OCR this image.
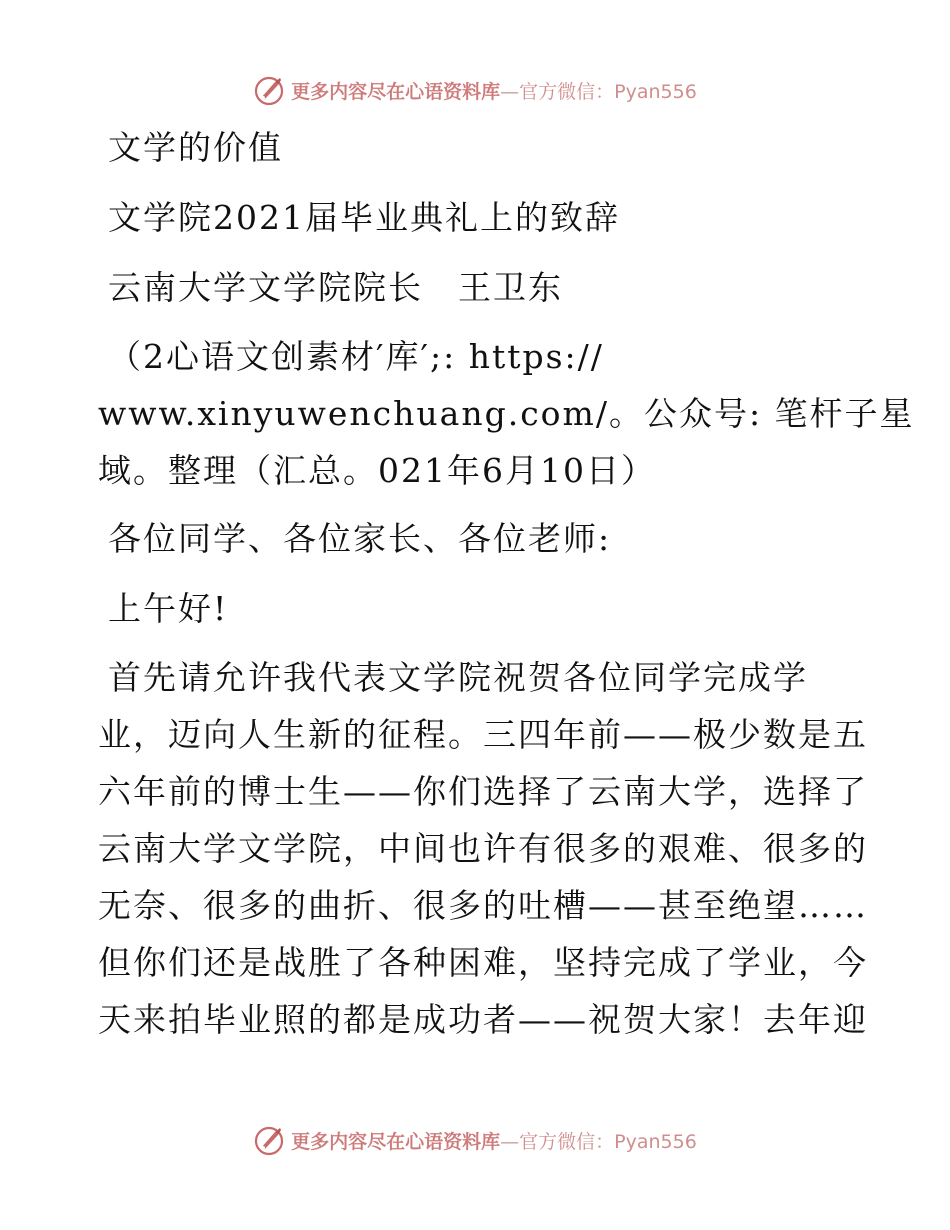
更多内容尽在心语资料库—官方微信：Pyan556
文学的价值
文学院2021届毕业典礼上的致辞
云南大学文学院院长　王卫东
（2心语文创素材′库′;: https://
www.xinyuwenchuang.com/。公众号: 笔杆子星
域。整理（汇总。021年6月10日）
各位同学、各位家长、各位老师:
上午好!
首先请允许我代表文学院祝贺各位同学完成学
业，迈向人生新的征程。三四年前——极少数是五
六年前的博士生——你们选择了云南大学，选择了
云南大学文学院，中间也许有很多的艰难、很多的
无奈、很多的曲折、很多的吐槽——甚至绝望……
但你们还是战胜了各种困难，坚持完成了学业，今
天来拍毕业照的都是成功者——祝贺大家！去年迎
更多内容尽在心语资料库—官方微信：Pyan556
